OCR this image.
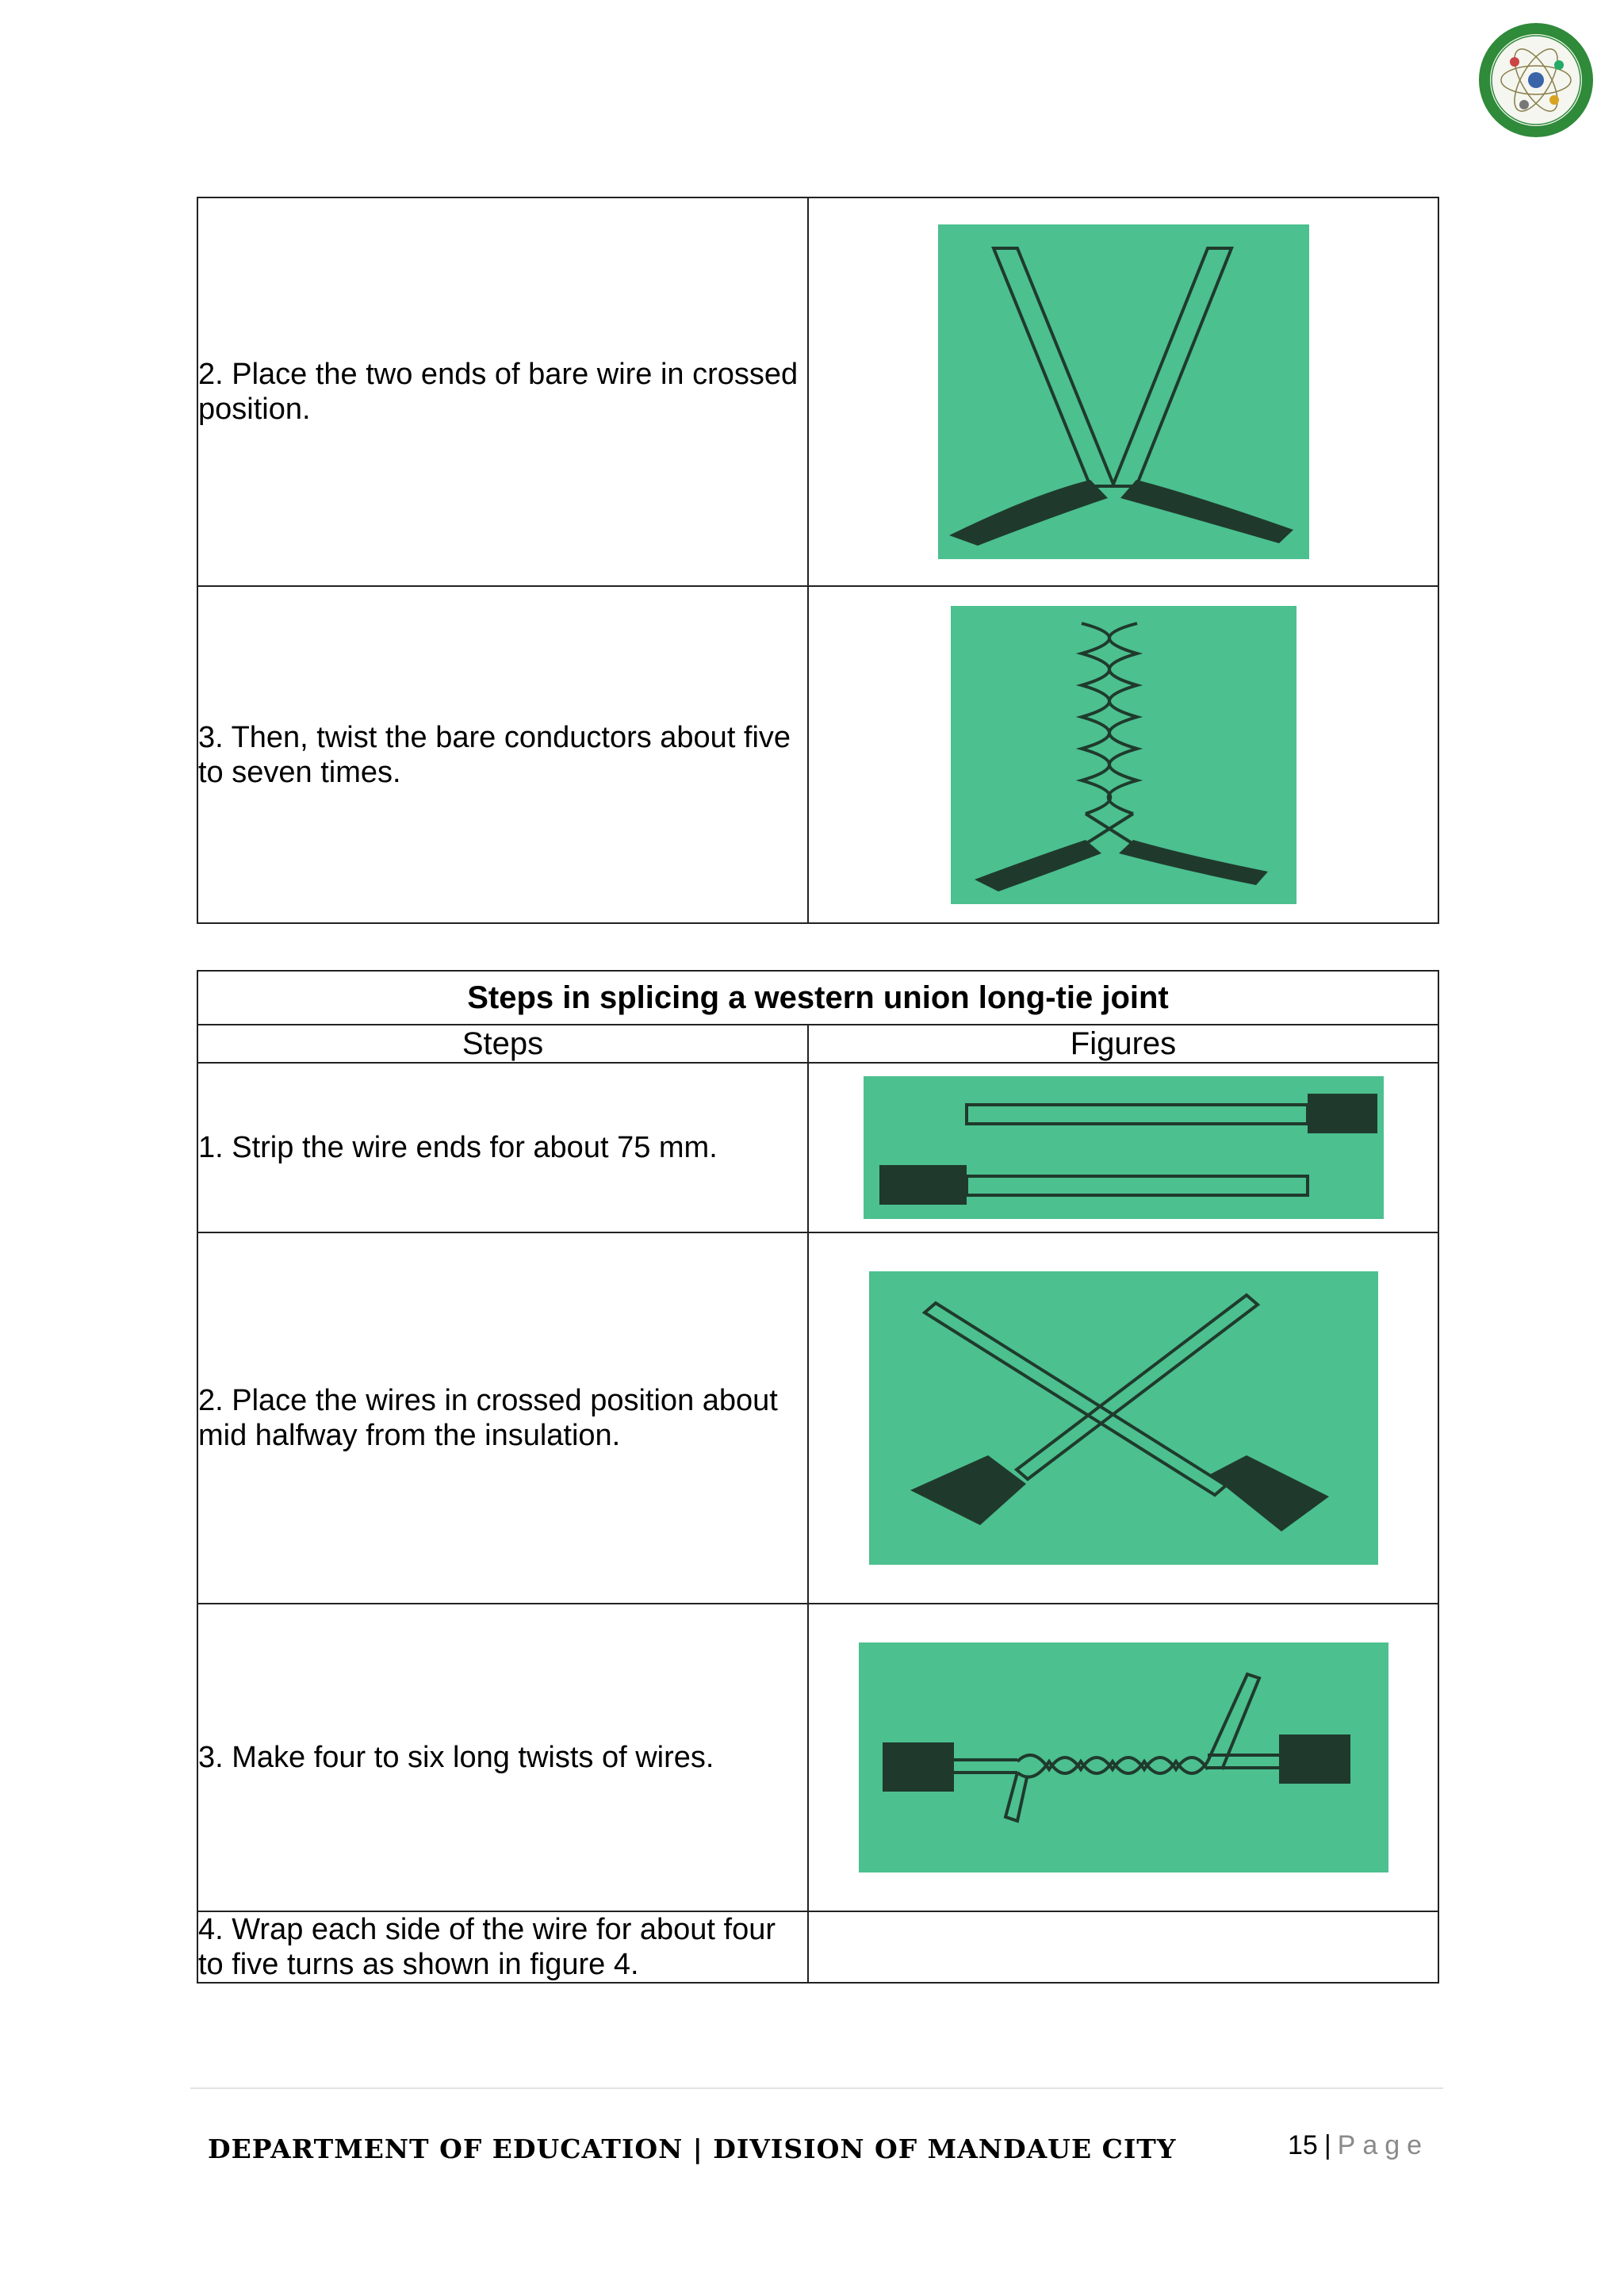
2. Place the two ends of bare wire in crossed position.	

3. Then, twist the bare conductors about five to seven times.	
Steps in splicing a western union long-tie joint	
Steps	Figures
1. Strip the wire ends for about 75 mm.	

2. Place the wires in crossed position about mid halfway from the insulation.	

3. Make four to six long twists of wires.	

4. Wrap each side of the wire for about four to five turns as shown in figure 4.	
DEPARTMENT OF EDUCATION | DIVISION OF MANDAUE CITY	15 | Page
